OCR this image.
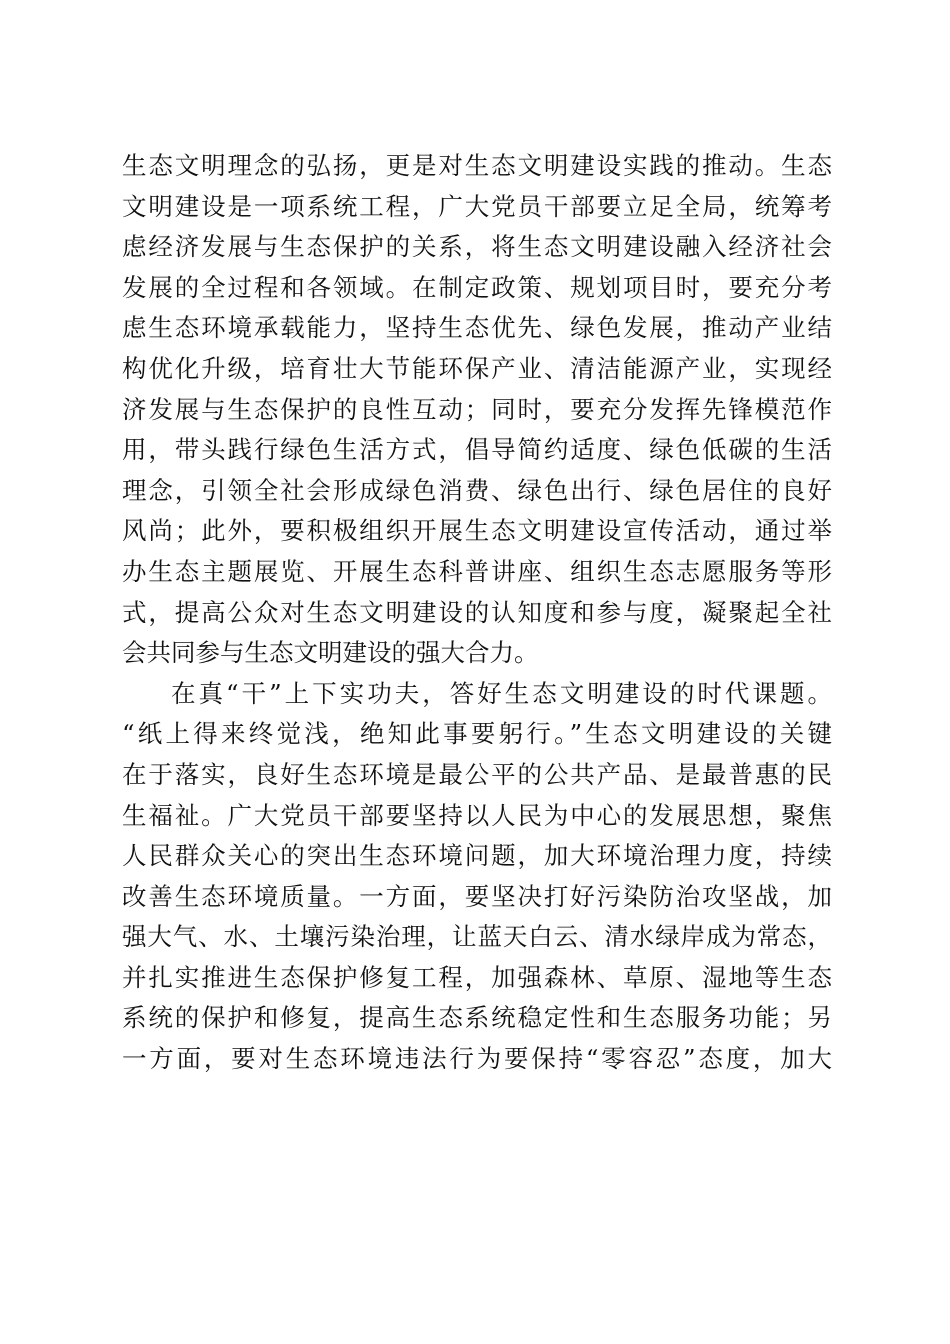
生态文明理念的弘扬，更是对生态文明建设实践的推动。生态
文明建设是一项系统工程，广大党员干部要立足全局，统筹考
虑经济发展与生态保护的关系，将生态文明建设融入经济社会
发展的全过程和各领域。在制定政策、规划项目时，要充分考
虑生态环境承载能力，坚持生态优先、绿色发展，推动产业结
构优化升级，培育壮大节能环保产业、清洁能源产业，实现经
济发展与生态保护的良性互动；同时，要充分发挥先锋模范作
用，带头践行绿色生活方式，倡导简约适度、绿色低碳的生活
理念，引领全社会形成绿色消费、绿色出行、绿色居住的良好
风尚；此外，要积极组织开展生态文明建设宣传活动，通过举
办生态主题展览、开展生态科普讲座、组织生态志愿服务等形
式，提高公众对生态文明建设的认知度和参与度，凝聚起全社
会共同参与生态文明建设的强大合力。
在真“干”上下实功夫，答好生态文明建设的时代课题。
“纸上得来终觉浅，绝知此事要躬行。”生态文明建设的关键
在于落实，良好生态环境是最公平的公共产品、是最普惠的民
生福祉。广大党员干部要坚持以人民为中心的发展思想，聚焦
人民群众关心的突出生态环境问题，加大环境治理力度，持续
改善生态环境质量。一方面，要坚决打好污染防治攻坚战，加
强大气、水、土壤污染治理，让蓝天白云、清水绿岸成为常态，
并扎实推进生态保护修复工程，加强森林、草原、湿地等生态
系统的保护和修复，提高生态系统稳定性和生态服务功能；另
一方面，要对生态环境违法行为要保持“零容忍”态度，加大
